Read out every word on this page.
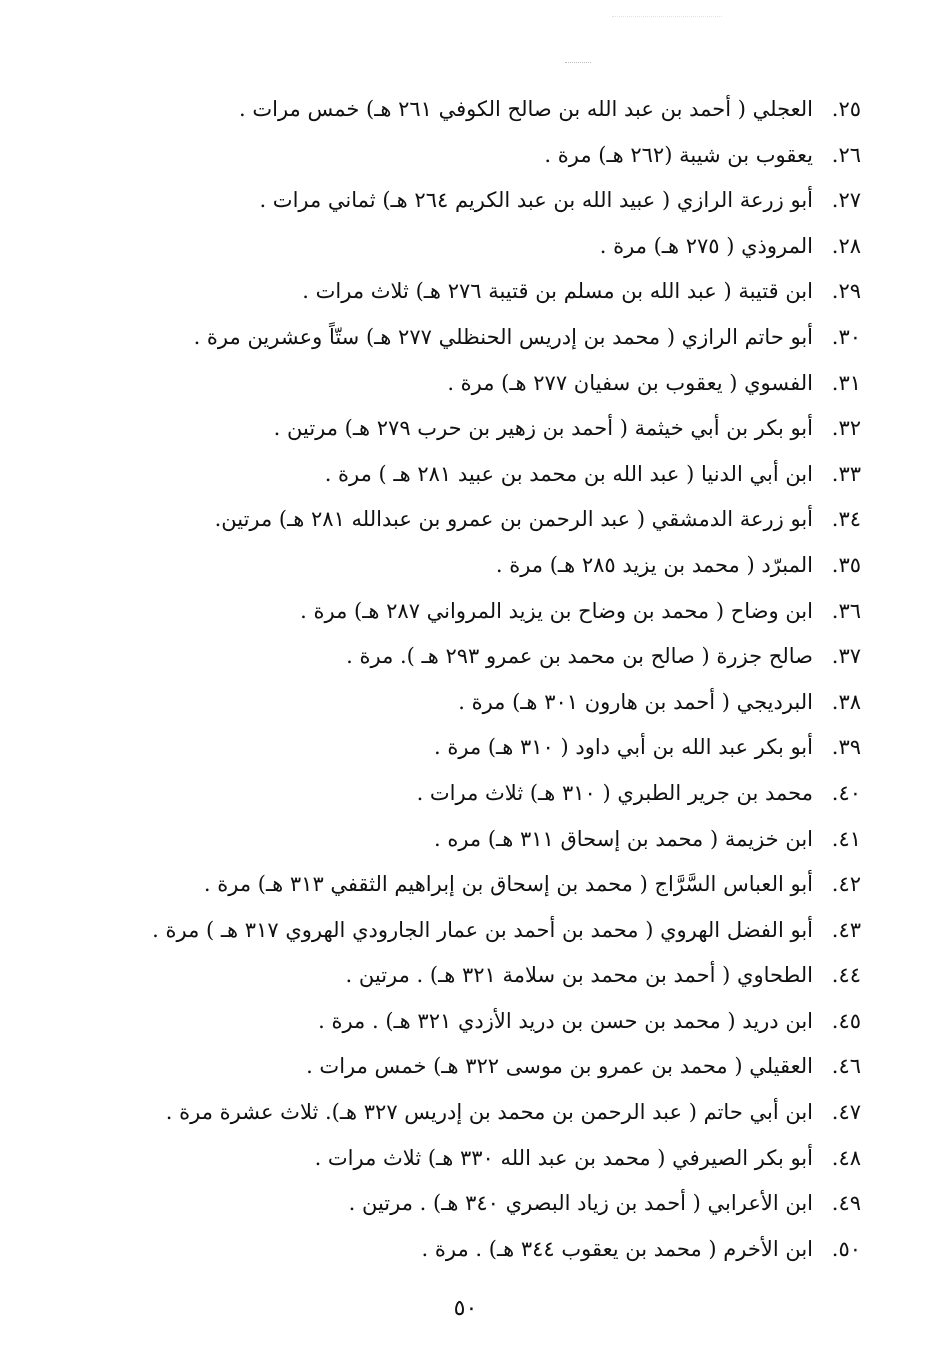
٢٥.العجلي ( أحمد بن عبد الله بن صالح الكوفي ٢٦١ هـ) خمس مرات .
٢٦.يعقوب بن شيبة (٢٦٢ هـ) مرة .
٢٧.أبو زرعة الرازي ( عبيد الله بن عبد الكريم ٢٦٤ هـ) ثماني مرات .
٢٨.المروذي ( ٢٧٥ هـ) مرة .
٢٩.ابن قتيبة ( عبد الله بن مسلم بن قتيبة ٢٧٦ هـ) ثلاث مرات .
٣٠.أبو حاتم الرازي ( محمد بن إدريس الحنظلي ٢٧٧ هـ) ستّاً وعشرين مرة .
٣١.الفسوي ( يعقوب بن سفيان ٢٧٧ هـ) مرة .
٣٢.أبو بكر بن أبي خيثمة ( أحمد بن زهير بن حرب ٢٧٩ هـ) مرتين .
٣٣.ابن أبي الدنيا ( عبد الله بن محمد بن عبيد ٢٨١ هـ ) مرة .
٣٤.أبو زرعة الدمشقي ( عبد الرحمن بن عمرو بن عبدالله ٢٨١ هـ) مرتين.
٣٥.المبرّد ( محمد بن يزيد ٢٨٥ هـ) مرة .
٣٦.ابن وضاح ( محمد بن وضاح بن يزيد المرواني ٢٨٧ هـ) مرة .
٣٧.صالح جزرة ( صالح بن محمد بن عمرو ٢٩٣ هـ ). مرة .
٣٨.البرديجي ( أحمد بن هارون ٣٠١ هـ) مرة .
٣٩.أبو بكر عبد الله بن أبي داود ( ٣١٠ هـ) مرة .
٤٠.محمد بن جرير الطبري ( ٣١٠ هـ) ثلاث مرات .
٤١.ابن خزيمة ( محمد بن إسحاق ٣١١ هـ) مره .
٤٢.أبو العباس السَّرَّاج ( محمد بن إسحاق بن إبراهيم الثقفي ٣١٣ هـ) مرة .
٤٣.أبو الفضل الهروي ( محمد بن أحمد بن عمار الجارودي الهروي ٣١٧ هـ ) مرة .
٤٤.الطحاوي ( أحمد بن محمد بن سلامة ٣٢١ هـ) . مرتين .
٤٥.ابن دريد ( محمد بن حسن بن دريد الأزدي ٣٢١ هـ) . مرة .
٤٦.العقيلي ( محمد بن عمرو بن موسى ٣٢٢ هـ) خمس مرات .
٤٧.ابن أبي حاتم ( عبد الرحمن بن محمد بن إدريس ٣٢٧ هـ). ثلاث عشرة مرة .
٤٨.أبو بكر الصيرفي ( محمد بن عبد الله ٣٣٠ هـ) ثلاث مرات .
٤٩.ابن الأعرابي ( أحمد بن زياد البصري ٣٤٠ هـ) . مرتين .
٥٠.ابن الأخرم ( محمد بن يعقوب ٣٤٤ هـ) . مرة .
٥٠
